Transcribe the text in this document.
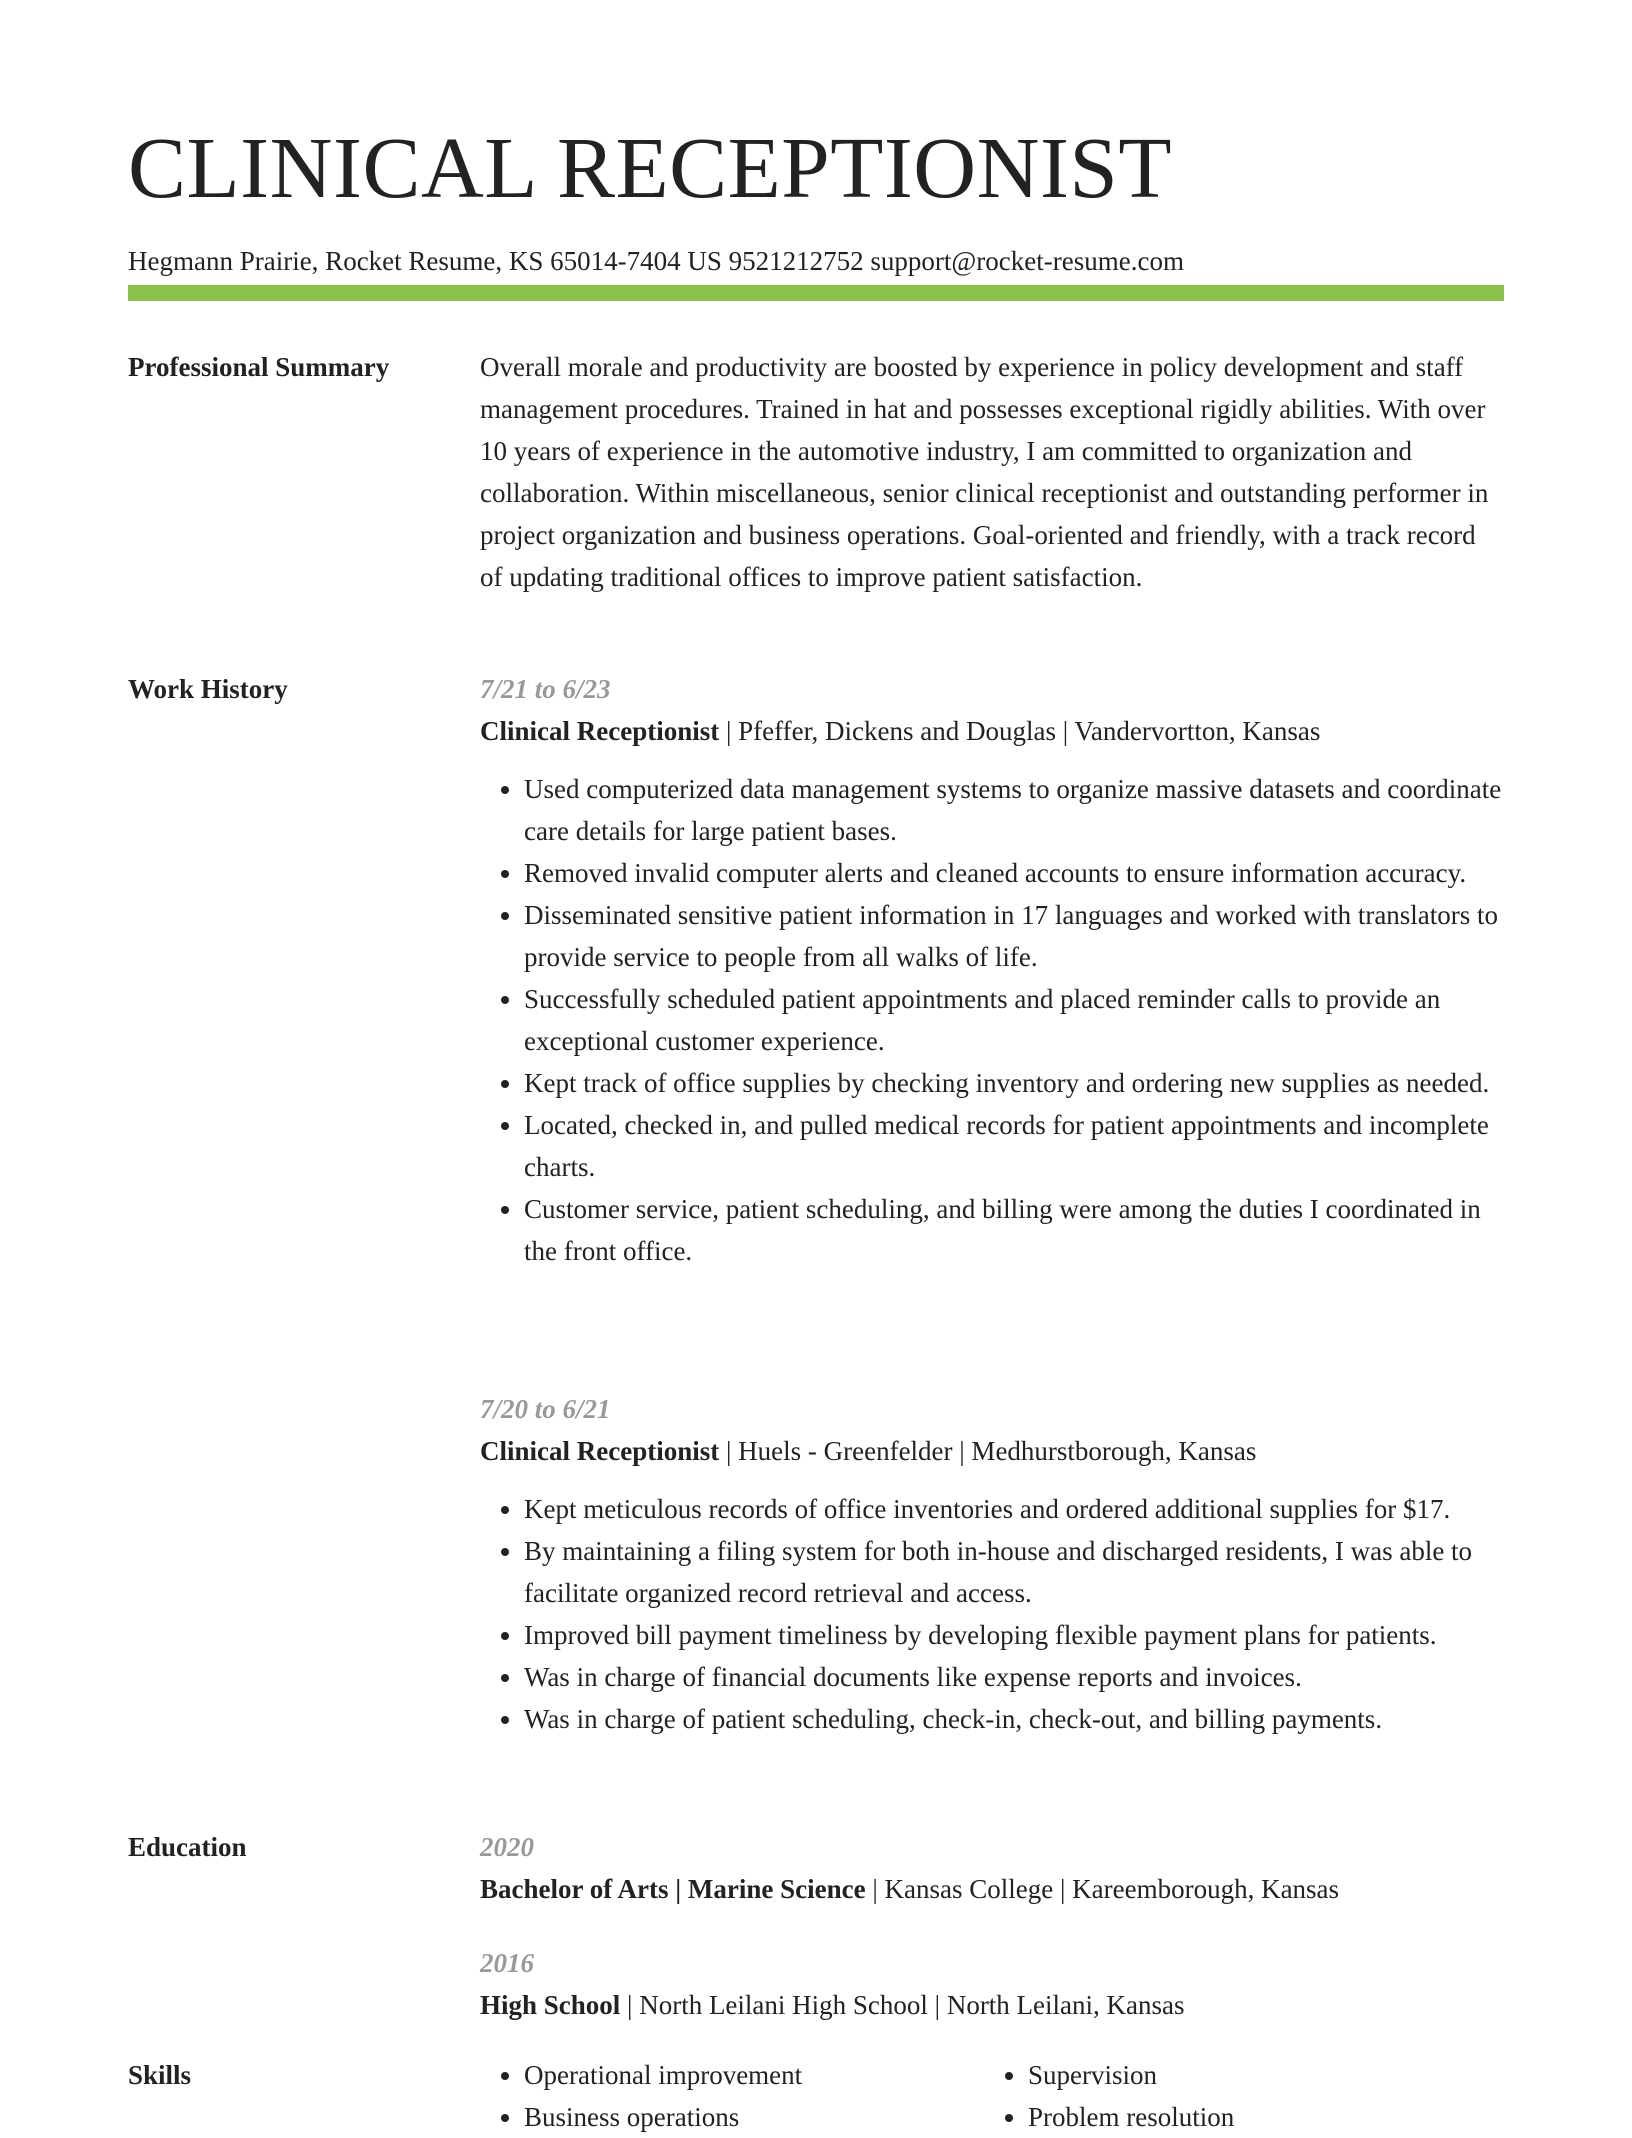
CLINICAL RECEPTIONIST
Hegmann Prairie, Rocket Resume, KS 65014-7404 US 9521212752 support@rocket-resume.com
Professional Summary	Overall morale and productivity are boosted by experience in policy development and staff management procedures. Trained in hat and possesses exceptional rigidly abilities. With over 10 years of experience in the automotive industry, I am committed to organization and collaboration. Within miscellaneous, senior clinical receptionist and outstanding performer in project organization and business operations. Goal-oriented and friendly, with a track record of updating traditional offices to improve patient satisfaction.

Work History	7/21 to 6/23
Clinical Receptionist | Pfeffer, Dickens and Douglas | Vandervortton, Kansas
• Used computerized data management systems to organize massive datasets and coordinate care details for large patient bases.
• Removed invalid computer alerts and cleaned accounts to ensure information accuracy.
• Disseminated sensitive patient information in 17 languages and worked with translators to provide service to people from all walks of life.
• Successfully scheduled patient appointments and placed reminder calls to provide an exceptional customer experience.
• Kept track of office supplies by checking inventory and ordering new supplies as needed.
• Located, checked in, and pulled medical records for patient appointments and incomplete charts.
• Customer service, patient scheduling, and billing were among the duties I coordinated in the front office.
7/20 to 6/21
Clinical Receptionist | Huels - Greenfelder | Medhurstborough, Kansas
• Kept meticulous records of office inventories and ordered additional supplies for $17.
• By maintaining a filing system for both in-house and discharged residents, I was able to facilitate organized record retrieval and access.
• Improved bill payment timeliness by developing flexible payment plans for patients.
• Was in charge of financial documents like expense reports and invoices.
• Was in charge of patient scheduling, check-in, check-out, and billing payments.
Education	2020
Bachelor of Arts | Marine Science | Kansas College | Kareemborough, Kansas
2016
High School | North Leilani High School | North Leilani, Kansas
Skills
•	Operational improvement
• Business operations
• Supervision
• Problem resolution
